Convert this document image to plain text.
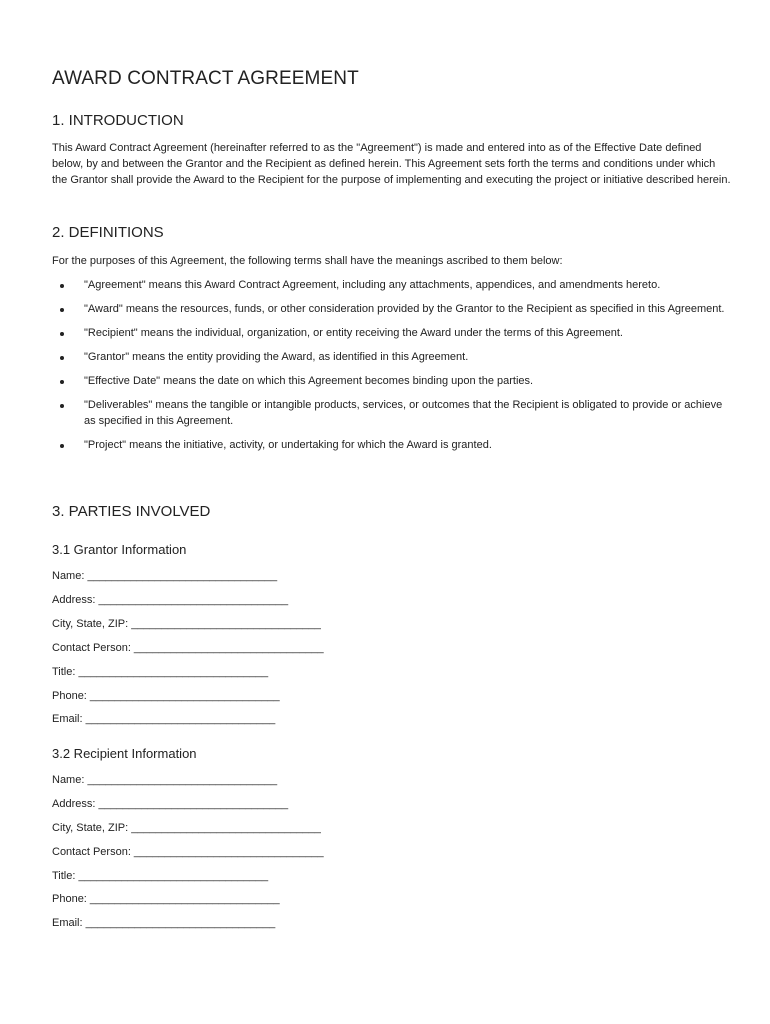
AWARD CONTRACT AGREEMENT
1. INTRODUCTION

This Award Contract Agreement (hereinafter referred to as the "Agreement") is made and entered into as of the Effective Date defined below, by and between the Grantor and the Recipient as defined herein. This Agreement sets forth the terms and conditions under which the Grantor shall provide the Award to the Recipient for the purpose of implementing and executing the project or initiative described herein.

2. DEFINITIONS

For the purposes of this Agreement, the following terms shall have the meanings ascribed to them below:

"Agreement" means this Award Contract Agreement, including any attachments, appendices, and amendments hereto.
"Award" means the resources, funds, or other consideration provided by the Grantor to the Recipient as specified in this Agreement.
"Recipient" means the individual, organization, or entity receiving the Award under the terms of this Agreement.
"Grantor" means the entity providing the Award, as identified in this Agreement.
"Effective Date" means the date on which this Agreement becomes binding upon the parties.
"Deliverables" means the tangible or intangible products, services, or outcomes that the Recipient is obligated to provide or achieve as specified in this Agreement.
"Project" means the initiative, activity, or undertaking for which the Award is granted.
3. PARTIES INVOLVED
3.1 Grantor Information
Name: _______________________________
Address: _______________________________
City, State, ZIP: _______________________________
Contact Person: _______________________________
Title: _______________________________
Phone: _______________________________
Email: _______________________________
3.2 Recipient Information
Name: _______________________________
Address: _______________________________
City, State, ZIP: _______________________________
Contact Person: _______________________________
Title: _______________________________
Phone: _______________________________
Email: _______________________________
